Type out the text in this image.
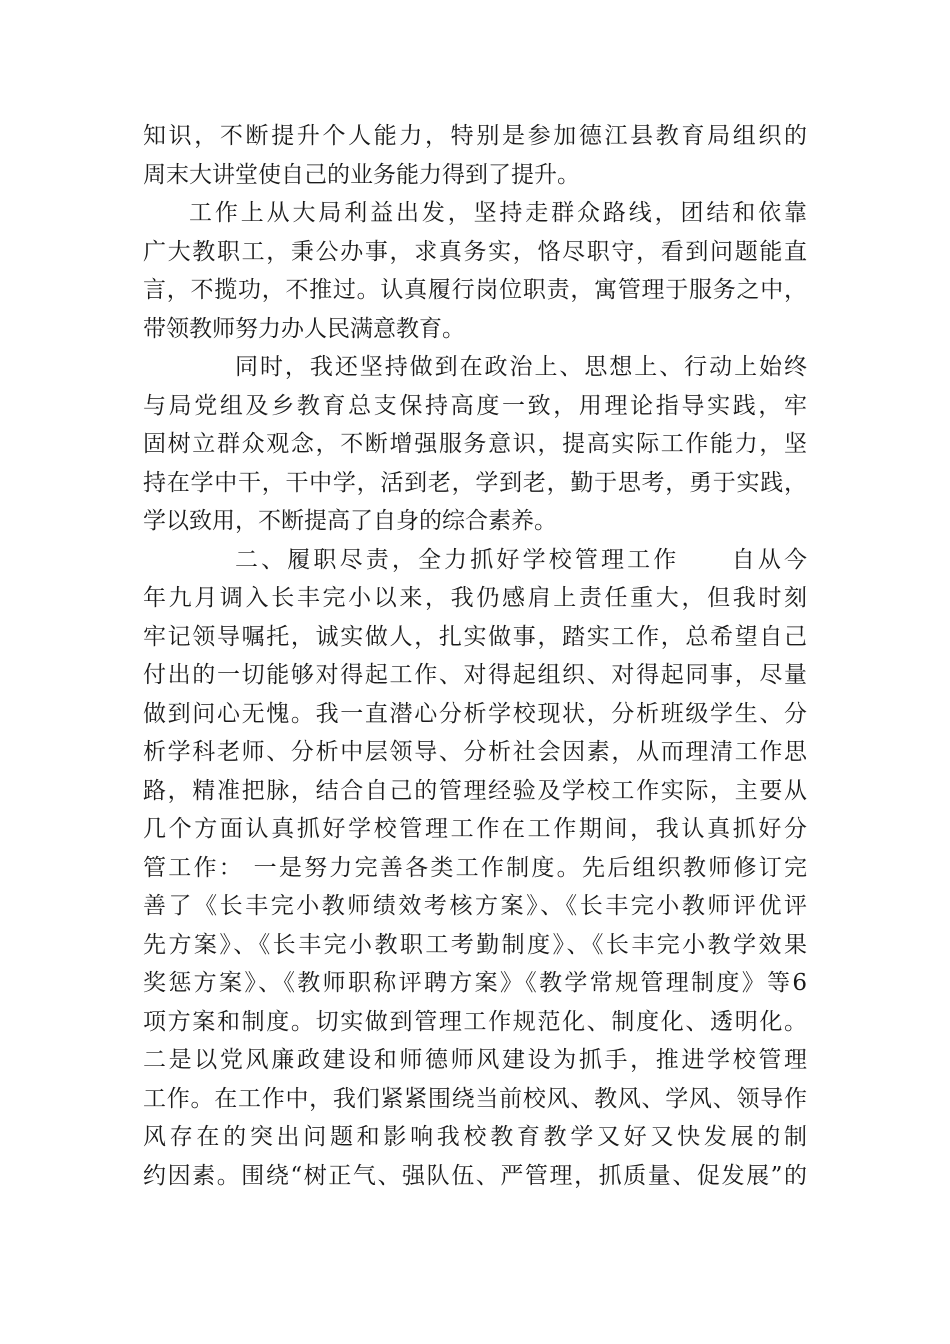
知识，不断提升个人能力，特别是参加德江县教育局组织的
周末大讲堂使自己的业务能力得到了提升。
工作上从大局利益出发，坚持走群众路线，团结和依靠
广大教职工，秉公办事，求真务实，恪尽职守，看到问题能直
言，不揽功，不推过。认真履行岗位职责，寓管理于服务之中，
带领教师努力办人民满意教育。
同时，我还坚持做到在政治上、思想上、行动上始终
与局党组及乡教育总支保持高度一致，用理论指导实践，牢
固树立群众观念，不断增强服务意识，提高实际工作能力，坚
持在学中干，干中学，活到老，学到老，勤于思考，勇于实践，
学以致用，不断提高了自身的综合素养。
二、履职尽责，全力抓好学校管理工作　　自从今
年九月调入长丰完小以来，我仍感肩上责任重大，但我时刻
牢记领导嘱托，诚实做人，扎实做事，踏实工作，总希望自己
付出的一切能够对得起工作、对得起组织、对得起同事，尽量
做到问心无愧。我一直潜心分析学校现状，分析班级学生、分
析学科老师、分析中层领导、分析社会因素，从而理清工作思
路，精准把脉，结合自己的管理经验及学校工作实际，主要从
几个方面认真抓好学校管理工作在工作期间，我认真抓好分
管工作： 一是努力完善各类工作制度。先后组织教师修订完
善了《长丰完小教师绩效考核方案》、《长丰完小教师评优评
先方案》、《长丰完小教职工考勤制度》、《长丰完小教学效果
奖惩方案》、《教师职称评聘方案》《教学常规管理制度》等6
项方案和制度。切实做到管理工作规范化、制度化、透明化。
二是以党风廉政建设和师德师风建设为抓手，推进学校管理
工作。在工作中，我们紧紧围绕当前校风、教风、学风、领导作
风存在的突出问题和影响我校教育教学又好又快发展的制
约因素。围绕“树正气、强队伍、严管理，抓质量、促发展”的
